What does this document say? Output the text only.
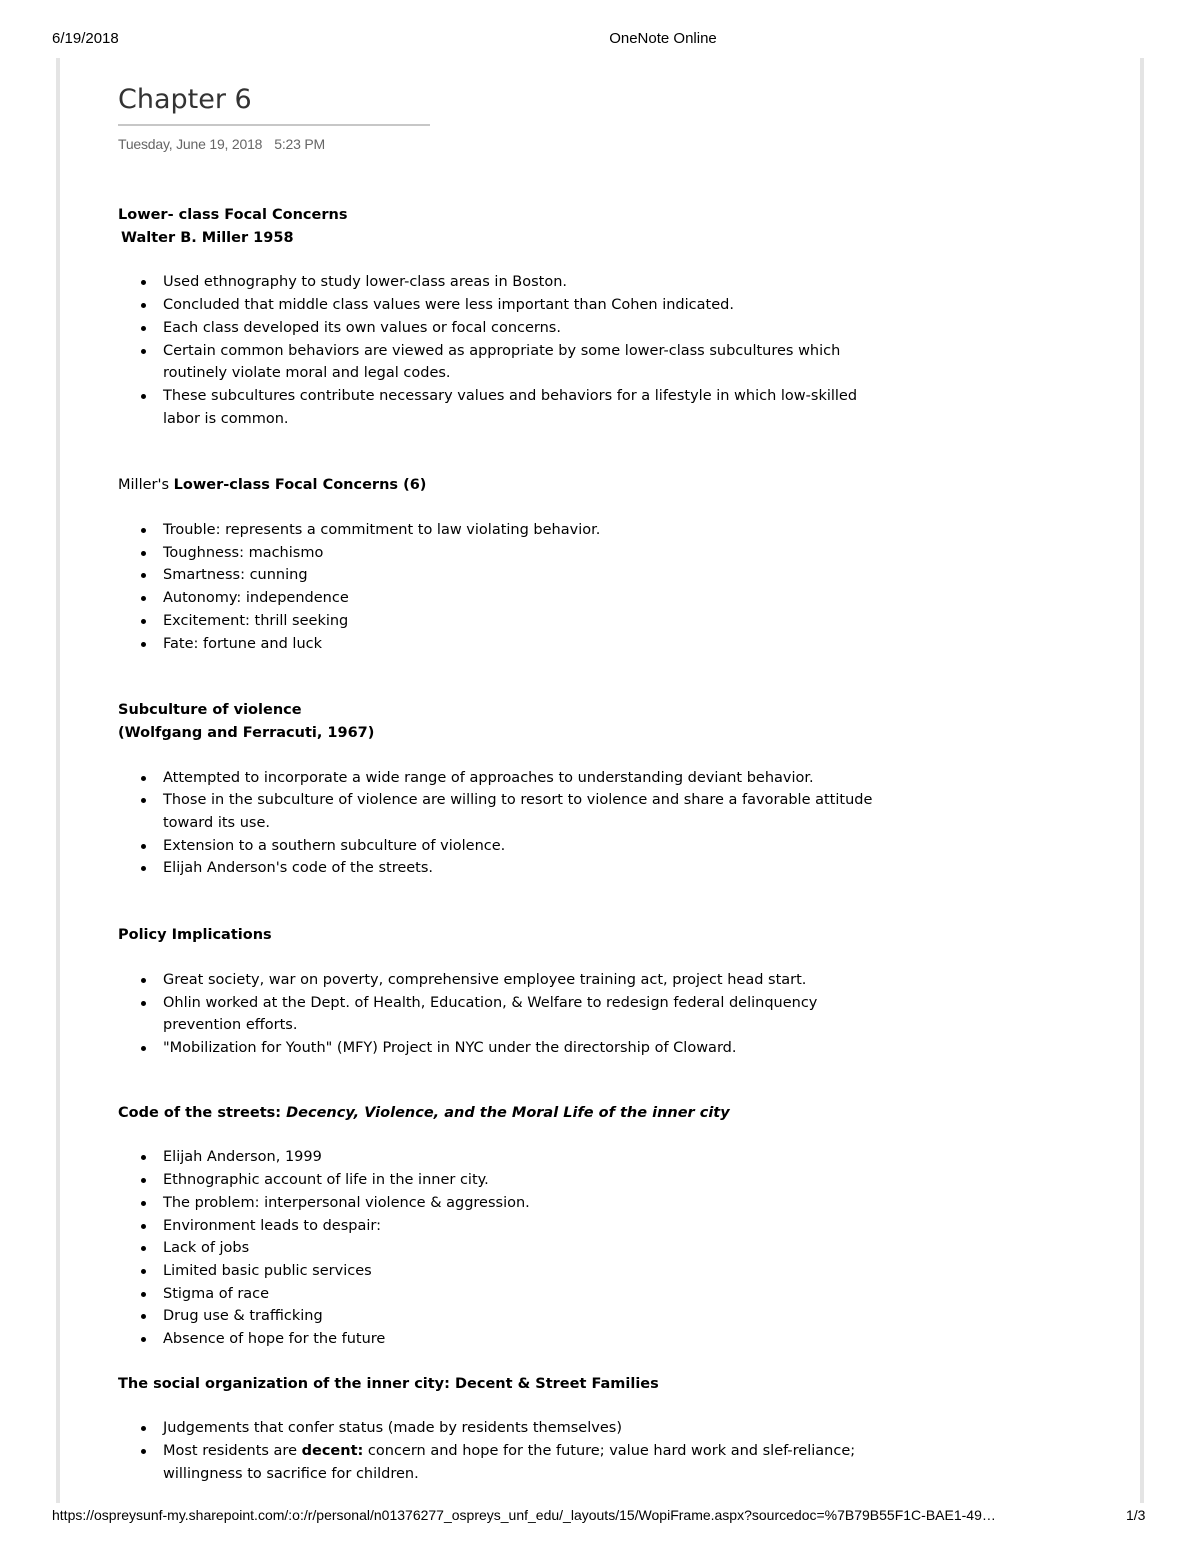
6/19/2018	OneNote Online
Chapter 6
Tuesday, June 19, 2018 5:23 PM

Lower- class Focal Concerns

Walter B. Miller 1958

Used ethnography to study lower-class areas in Boston.
Concluded that middle class values were less important than Cohen indicated.
Each class developed its own values or focal concerns.
Certain common behaviors are viewed as appropriate by some lower-class subcultures which routinely violate moral and legal codes.
These subcultures contribute necessary values and behaviors for a lifestyle in which low-skilled labor is common.

Miller's Lower-class Focal Concerns (6)

Trouble: represents a commitment to law violating behavior.
Toughness: machismo
Smartness: cunning
Autonomy: independence
Excitement: thrill seeking
Fate: fortune and luck

Subculture of violence

(Wolfgang and Ferracuti, 1967)

Attempted to incorporate a wide range of approaches to understanding deviant behavior.
Those in the subculture of violence are willing to resort to violence and share a favorable attitude toward its use.
Extension to a southern subculture of violence.
Elijah Anderson's code of the streets.

Policy Implications

Great society, war on poverty, comprehensive employee training act, project head start.
Ohlin worked at the Dept. of Health, Education, & Welfare to redesign federal delinquency prevention efforts.
"Mobilization for Youth" (MFY) Project in NYC under the directorship of Cloward.

Code of the streets: Decency, Violence, and the Moral Life of the inner city

Elijah Anderson, 1999
Ethnographic account of life in the inner city.
The problem: interpersonal violence & aggression.
Environment leads to despair:
Lack of jobs
Limited basic public services
Stigma of race
Drug use & trafficking
Absence of hope for the future

The social organization of the inner city: Decent & Street Families

Judgements that confer status (made by residents themselves)
Most residents are decent: concern and hope for the future; value hard work and slef-reliance; willingness to sacrifice for children.
https://ospreysunf-my.sharepoint.com/:o:/r/personal/n01376277_ospreys_unf_edu/_layouts/15/WopiFrame.aspx?sourcedoc=%7B79B55F1C-BAE1-49…	1/3
